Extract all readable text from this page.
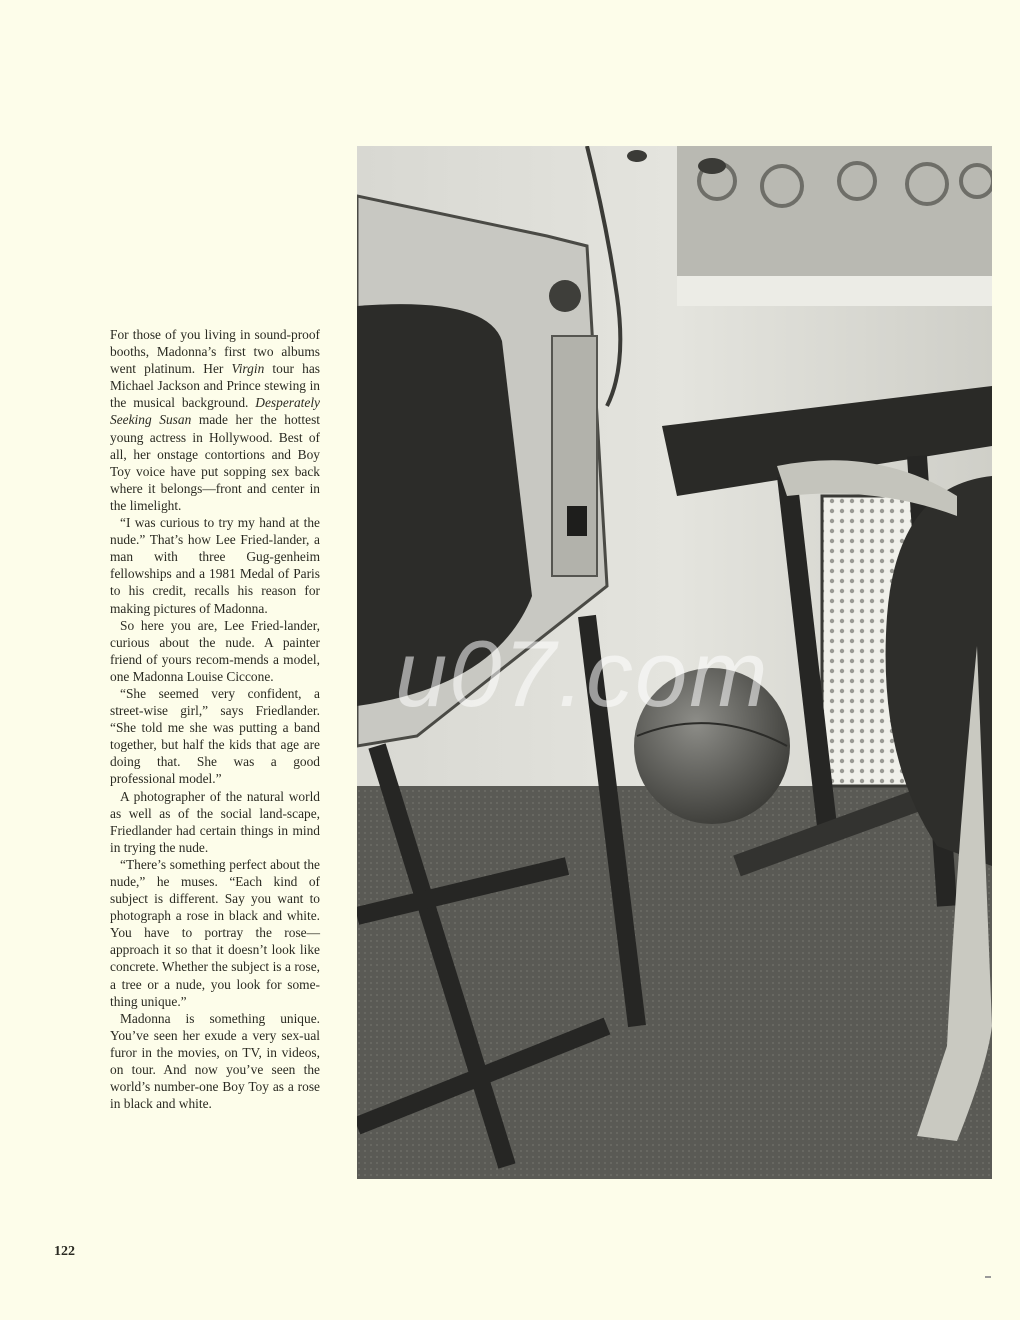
For those of you living in sound-proof booths, Madonna’s first two albums went platinum. Her Virgin tour has Michael Jackson and Prince stewing in the musical background. Desperately Seeking Susan made her the hottest young actress in Hollywood. Best of all, her onstage contortions and Boy Toy voice have put sopping sex back where it belongs—front and center in the limelight.

“I was curious to try my hand at the nude.” That’s how Lee Fried-lander, a man with three Gug-genheim fellowships and a 1981 Medal of Paris to his credit, recalls his reason for making pictures of Madonna.

So here you are, Lee Fried-lander, curious about the nude. A painter friend of yours recom-mends a model, one Madonna Louise Ciccone.

“She seemed very confident, a street-wise girl,” says Friedlander. “She told me she was putting a band together, but half the kids that age are doing that. She was a good professional model.”

A photographer of the natural world as well as of the social land-scape, Friedlander had certain things in mind in trying the nude.

“There’s something perfect about the nude,” he muses. “Each kind of subject is different. Say you want to photograph a rose in black and white. You have to portray the rose—approach it so that it doesn’t look like concrete. Whether the subject is a rose, a tree or a nude, you look for some-thing unique.”

Madonna is something unique. You’ve seen her exude a very sex-ual furor in the movies, on TV, in videos, on tour. And now you’ve seen the world’s number-one Boy Toy as a rose in black and white.

u07.com
122
